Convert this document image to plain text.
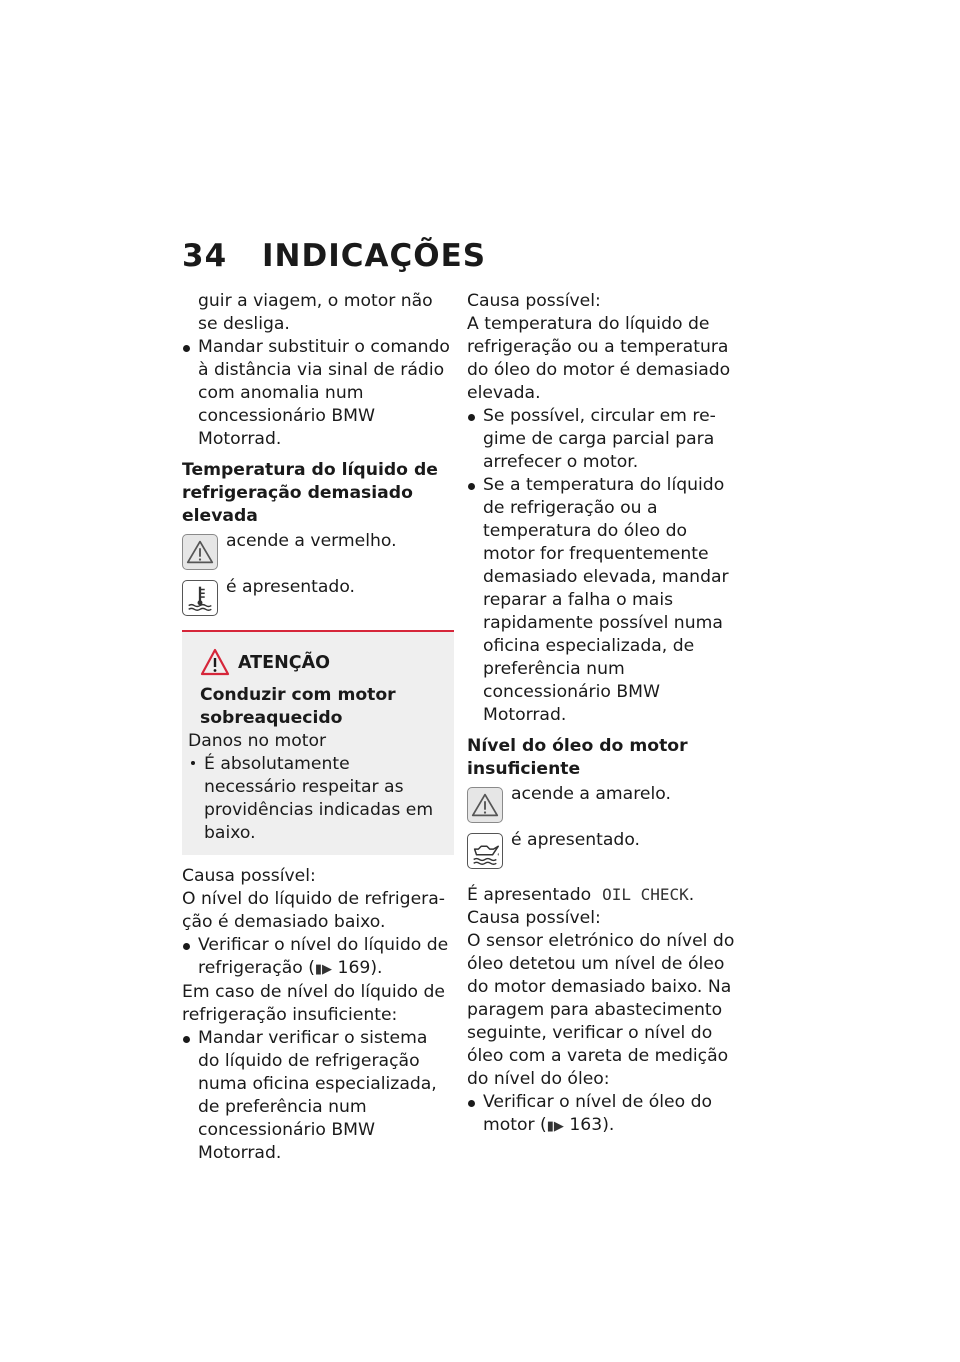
34 INDICAÇÕES

guir a viagem, o motor não se desliga.

Mandar substituir o comando à distância via sinal de rádio com anomalia num concessionário BMW Motorrad.

Temperatura do líquido de refrigeração demasiado elevada

acende a vermelho.
é apresentado.
ATENÇÃO

Conduzir com motor sobreaquecido

Danos no motor

É absolutamente necessário respeitar as providências indicadas em baixo.

Causa possível:

O nível do líquido de refrigeração é demasiado baixo.

Verificar o nível do líquido de refrigeração (▮▶ 169).

Em caso de nível do líquido de refrigeração insuficiente:

Mandar verificar o sistema do líquido de refrigeração numa oficina especializada, de preferência num concessionário BMW Motorrad.

Causa possível:

A temperatura do líquido de refrigeração ou a temperatura do óleo do motor é demasiado elevada.

Se possível, circular em regime de carga parcial para arrefecer o motor.

Se a temperatura do líquido de refrigeração ou a temperatura do óleo do motor for frequentemente demasiado elevada, mandar reparar a falha o mais rapidamente possível numa oficina especializada, de preferência num concessionário BMW Motorrad.

Nível do óleo do motor insuficiente

acende a amarelo.
é apresentado.

É apresentado OIL CHECK.

Causa possível:

O sensor eletrónico do nível do óleo detetou um nível de óleo do motor demasiado baixo. Na paragem para abastecimento seguinte, verificar o nível do óleo com a vareta de medição do nível do óleo:

Verificar o nível de óleo do motor (▮▶ 163).
